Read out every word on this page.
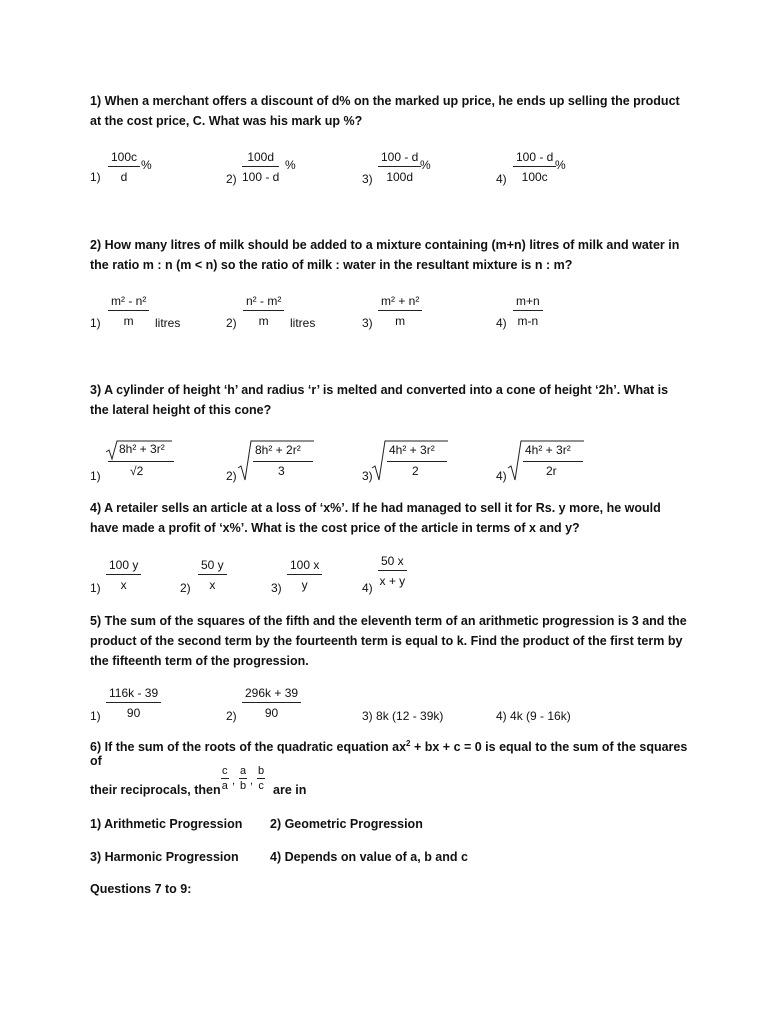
1) When a merchant offers a discount of d% on the marked up price, he ends up selling the product at the cost price, C. What was his mark up %?
$1) \frac{100c}{d}$ %
$2) \frac{100d}{100 - d}$ %
$3) \frac{100 - d}{100d}$
%
$4) \frac{100 - d}{100c}$
%
2) How many litres of milk should be added to a mixture containing (m+n) litres of milk and water in the ratio m : n (m < n) so the ratio of milk : water in the resultant mixture is n : m?
$1) \frac{\text{m² - n²}}{m}$ litres	$2) \frac{\text{n² - m²}}{m}$ litres	$3) \frac{\text{m² + n²}}{m}$	$4) \frac{m+n}{m-n}$
3) A cylinder of height ‘h’ and radius ‘r’ is melted and converted into a cone of height ‘2h’. What is the lateral height of this cone?
1)
8h² + 3r²
√2	2)
8h² + 2r²
3	3)
4h² + 3r²
2	4)
4h² + 3r²
2r
4) A retailer sells an article at a loss of ‘x%’. If he had managed to sell it for Rs. y more, he would have made a profit of ‘x%’. What is the cost price of the article in terms of x and y?
$1) \frac{100 y}{x}$	$2) \frac{50 y}{x}$	$3) \frac{100 x}{y}$	$4) \frac{50 x}{x + y}$
5) The sum of the squares of the fifth and the eleventh term of an arithmetic progression is 3 and the product of the second term by the fourteenth term is equal to k. Find the product of the first term by the fifteenth term of the progression.
$1) \frac{116k - 39}{90}$	$2) \frac{296k + 39}{90}$	3) 8k (12 - 39k)	4) 4k (9 - 16k)
6) If the sum of the roots of the quadratic equation $ax^2$ + bx + c = 0 is equal to the sum of the squares of
their reciprocals, then $\frac{c}{a}$ , $\frac{a}{b}$ , $\frac{b}{c}$ are in
1) Arithmetic Progression 2) Geometric Progression
3) Harmonic Progression	4) Depends on value of a, b and c
Questions 7 to 9:
